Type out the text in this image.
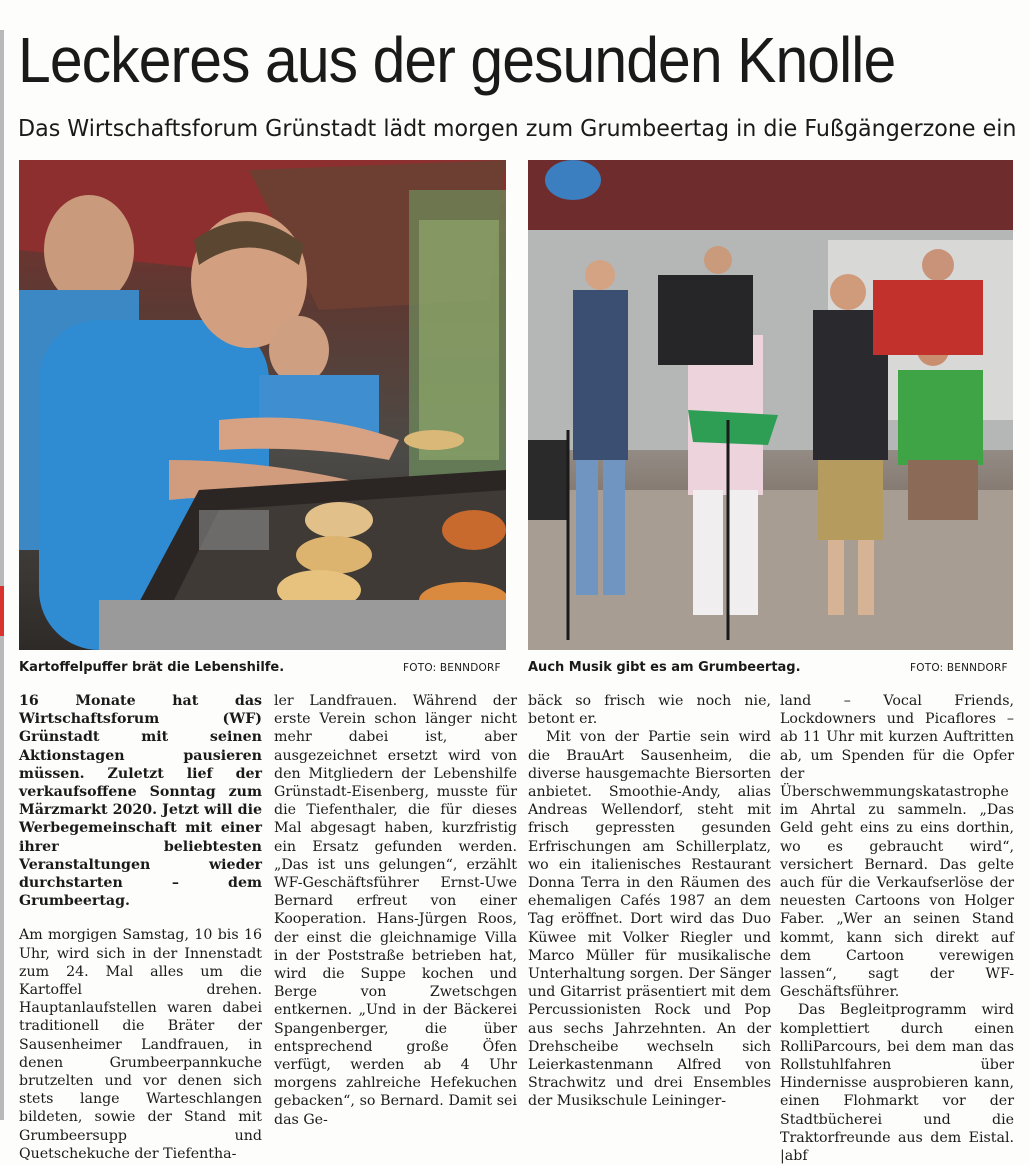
Leckeres aus der gesunden Knolle
Das Wirtschaftsforum Grünstadt lädt morgen zum Grumbeertag in die Fußgängerzone ein
Kartoffelpuffer brät die Lebenshilfe.	FOTO: BENNDORF Auch Musik gibt es am Grumbeertag.	FOTO: BENNDORF

16 Monate hat das Wirtschaftsforum (WF) Grünstadt mit seinen Aktionstagen pausieren müssen. Zuletzt lief der verkaufsoffene Sonntag zum Märzmarkt 2020. Jetzt will die Werbegemeinschaft mit einer ihrer beliebtesten Veranstaltungen wieder durchstarten – dem Grumbeertag.

Am morgigen Samstag, 10 bis 16 Uhr, wird sich in der Innenstadt zum 24. Mal alles um die Kartoffel drehen. Hauptanlaufstellen waren dabei traditionell die Bräter der Sausenheimer Landfrauen, in denen Grumbeerpannkuche brutzelten und vor denen sich stets lange Warteschlangen bildeten, sowie der Stand mit Grumbeersupp und Quetschekuche der Tiefentha-

ler Landfrauen. Während der erste Verein schon länger nicht mehr dabei ist, aber ausgezeichnet ersetzt wird von den Mitgliedern der Lebenshilfe Grünstadt-Eisenberg, musste für die Tiefenthaler, die für dieses Mal abgesagt haben, kurzfristig ein Ersatz gefunden werden. „Das ist uns gelungen“, erzählt WF-Geschäftsführer Ernst-Uwe Bernard erfreut von einer Kooperation. Hans-Jürgen Roos, der einst die gleichnamige Villa in der Poststraße betrieben hat, wird die Suppe kochen und Berge von Zwetschgen entkernen. „Und in der Bäckerei Spangenberger, die über entsprechend große Öfen verfügt, werden ab 4 Uhr morgens zahlreiche Hefekuchen gebacken“, so Bernard. Damit sei das Ge-

bäck so frisch wie noch nie, betont er.

Mit von der Partie sein wird die BrauArt Sausenheim, die diverse hausgemachte Biersorten anbietet. Smoothie-Andy, alias Andreas Wellendorf, steht mit frisch gepressten gesunden Erfrischungen am Schillerplatz, wo ein italienisches Restaurant Donna Terra in den Räumen des ehemaligen Cafés 1987 an dem Tag eröffnet. Dort wird das Duo Küwee mit Volker Riegler und Marco Müller für musikalische Unterhaltung sorgen. Der Sänger und Gitarrist präsentiert mit dem Percussionisten Rock und Pop aus sechs Jahrzehnten. An der Drehscheibe wechseln sich Leierkastenmann Alfred von Strachwitz und drei Ensembles der Musikschule Leininger-

land – Vocal Friends, Lockdowners und Picaflores – ab 11 Uhr mit kurzen Auftritten ab, um Spenden für die Opfer der Überschwemmungskatastrophe im Ahrtal zu sammeln. „Das Geld geht eins zu eins dorthin, wo es gebraucht wird“, versichert Bernard. Das gelte auch für die Verkaufserlöse der neuesten Cartoons von Holger Faber. „Wer an seinen Stand kommt, kann sich direkt auf dem Cartoon verewigen lassen“, sagt der WF-Geschäftsführer.

Das Begleitprogramm wird komplettiert durch einen RolliParcours, bei dem man das Rollstuhlfahren über Hindernisse ausprobieren kann, einen Flohmarkt vor der Stadtbücherei und die Traktorfreunde aus dem Eistal. |abf
